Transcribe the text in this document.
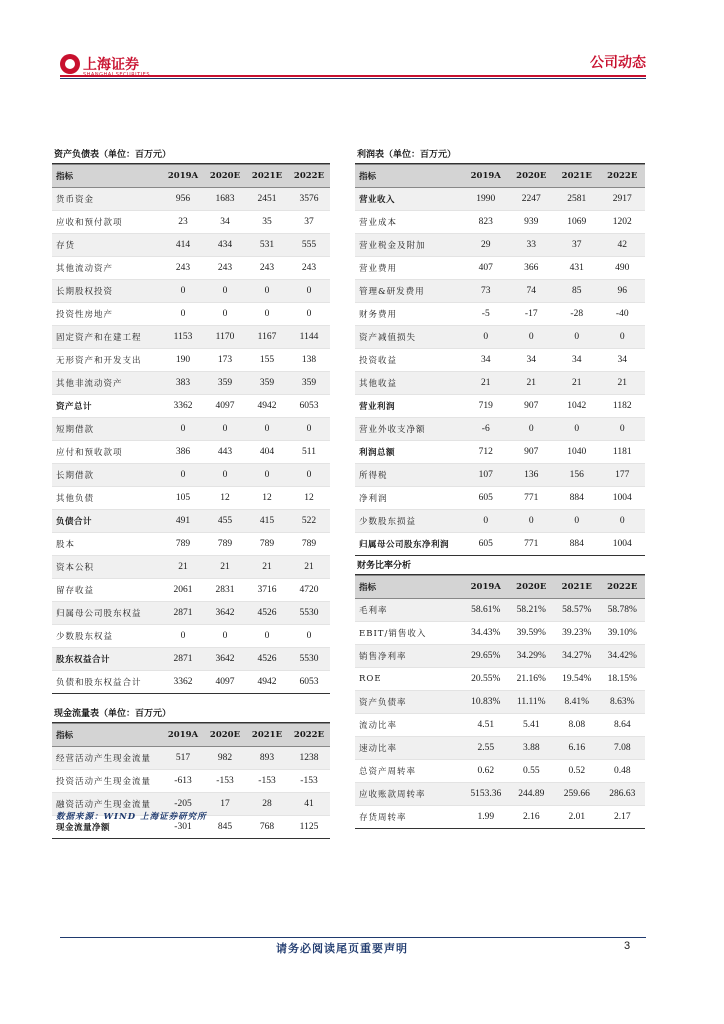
上海证券	公司动态
资产负债表（单位：百万元）
指标	2019A	2020E	2021E	2022E
货币资金	956	1683	2451	3576
应收和预付款项	23	34	35	37
存货	414	434	531	555
其他流动资产	243	243	243	243
长期股权投资	0	0	0	0
投资性房地产	0	0	0	0
固定资产和在建工程	1153	1170	1167	1144
无形资产和开发支出	190	173	155	138
其他非流动资产	383	359	359	359
资产总计	3362	4097	4942	6053
短期借款	0	0	0	0
应付和预收款项	386	443	404	511
长期借款	0	0	0	0
其他负债	105	12	12	12
负债合计	491	455	415	522
股本	789	789	789	789
资本公积	21	21	21	21
留存收益	2061	2831	3716	4720
归属母公司股东权益	2871	3642	4526	5530
少数股东权益	0	0	0	0
股东权益合计	2871	3642	4526	5530
负债和股东权益合计	3362	4097	4942	6053
现金流量表（单位：百万元）
指标	2019A	2020E	2021E	2022E
经营活动产生现金流量	517	982	893	1238
投资活动产生现金流量	-613	-153	-153	-153
融资活动产生现金流量	-205	17	28	41
现金流量净额	-301	845	768	1125
利润表（单位：百万元）
指标	2019A	2020E	2021E	2022E
营业收入	1990	2247	2581	2917
营业成本	823	939	1069	1202
营业税金及附加	29	33	37	42
营业费用	407	366	431	490
管理&研发费用	73	74	85	96
财务费用	-5	-17	-28	-40
资产减值损失	0	0	0	0
投资收益	34	34	34	34
其他收益	21	21	21	21
营业利润	719	907	1042	1182
营业外收支净额	-6	0	0	0
利润总额	712	907	1040	1181
所得税	107	136	156	177
净利润	605	771	884	1004
少数股东损益	0	0	0	0
归属母公司股东净利润	605	771	884	1004
财务比率分析
指标	2019A	2020E	2021E	2022E
毛利率	58.61%	58.21%	58.57%	58.78%
EBIT/销售收入	34.43%	39.59%	39.23%	39.10%
销售净利率	29.65%	34.29%	34.27%	34.42%
ROE	20.55%	21.16%	19.54%	18.15%
资产负债率	10.83%	11.11%	8.41%	8.63%
流动比率	4.51	5.41	8.08	8.64
速动比率	2.55	3.88	6.16	7.08
总资产周转率	0.62	0.55	0.52	0.48
应收账款周转率	5153.36	244.89	259.66	286.63
存货周转率	1.99	2.16	2.01	2.17
数据来源：WIND 上海证券研究所
请务必阅读尾页重要声明	3
